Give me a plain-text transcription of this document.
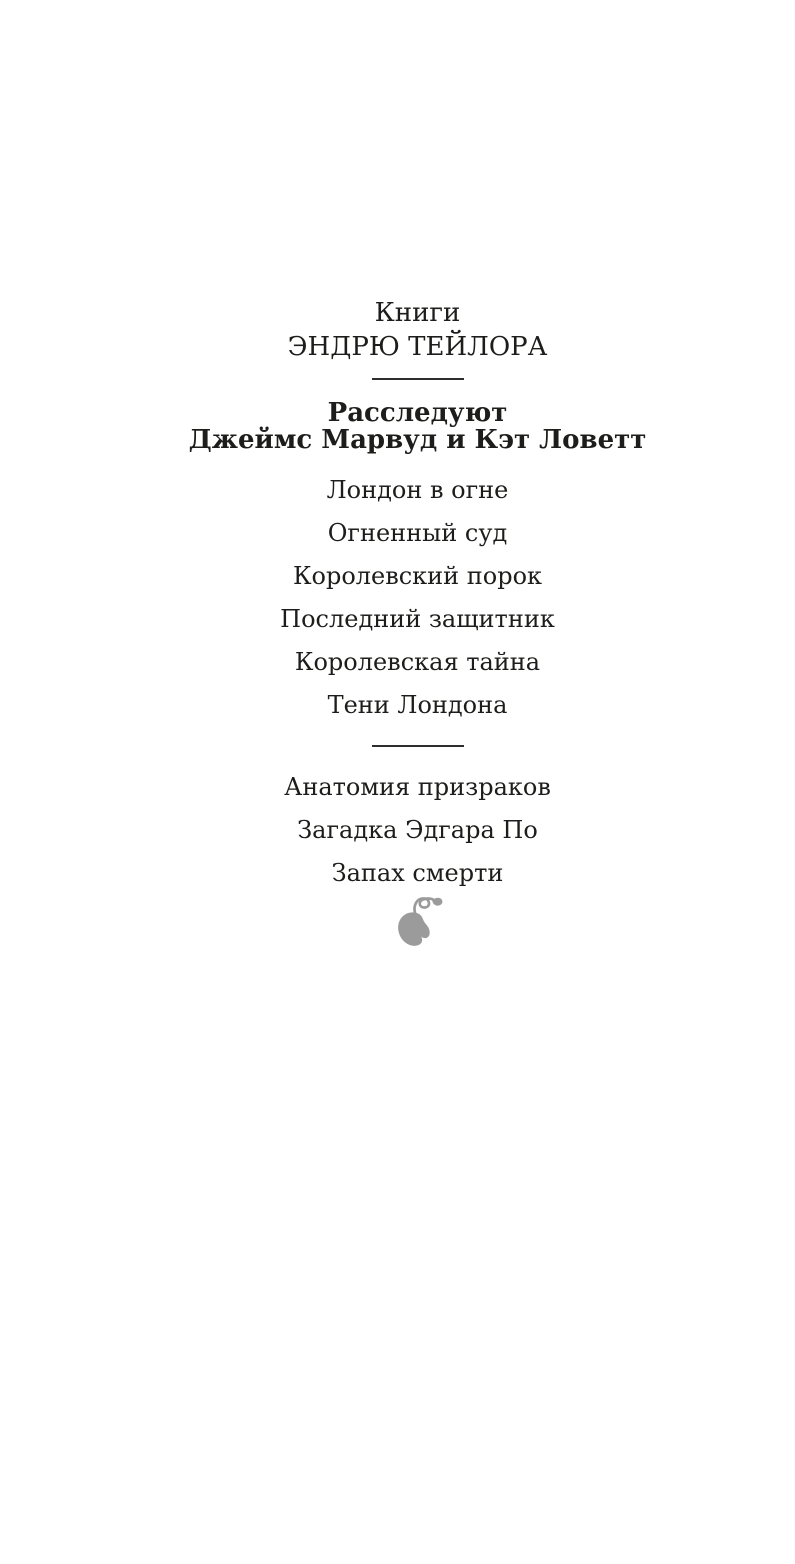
Книги
ЭНДРЮ ТЕЙЛОРА
Расследуют
Джеймс Марвуд и Кэт Ловетт
Лондон в огне
Огненный суд
Королевский порок
Последний защитник
Королевская тайна
Тени Лондона
Анатомия призраков
Загадка Эдгара По
Запах смерти
